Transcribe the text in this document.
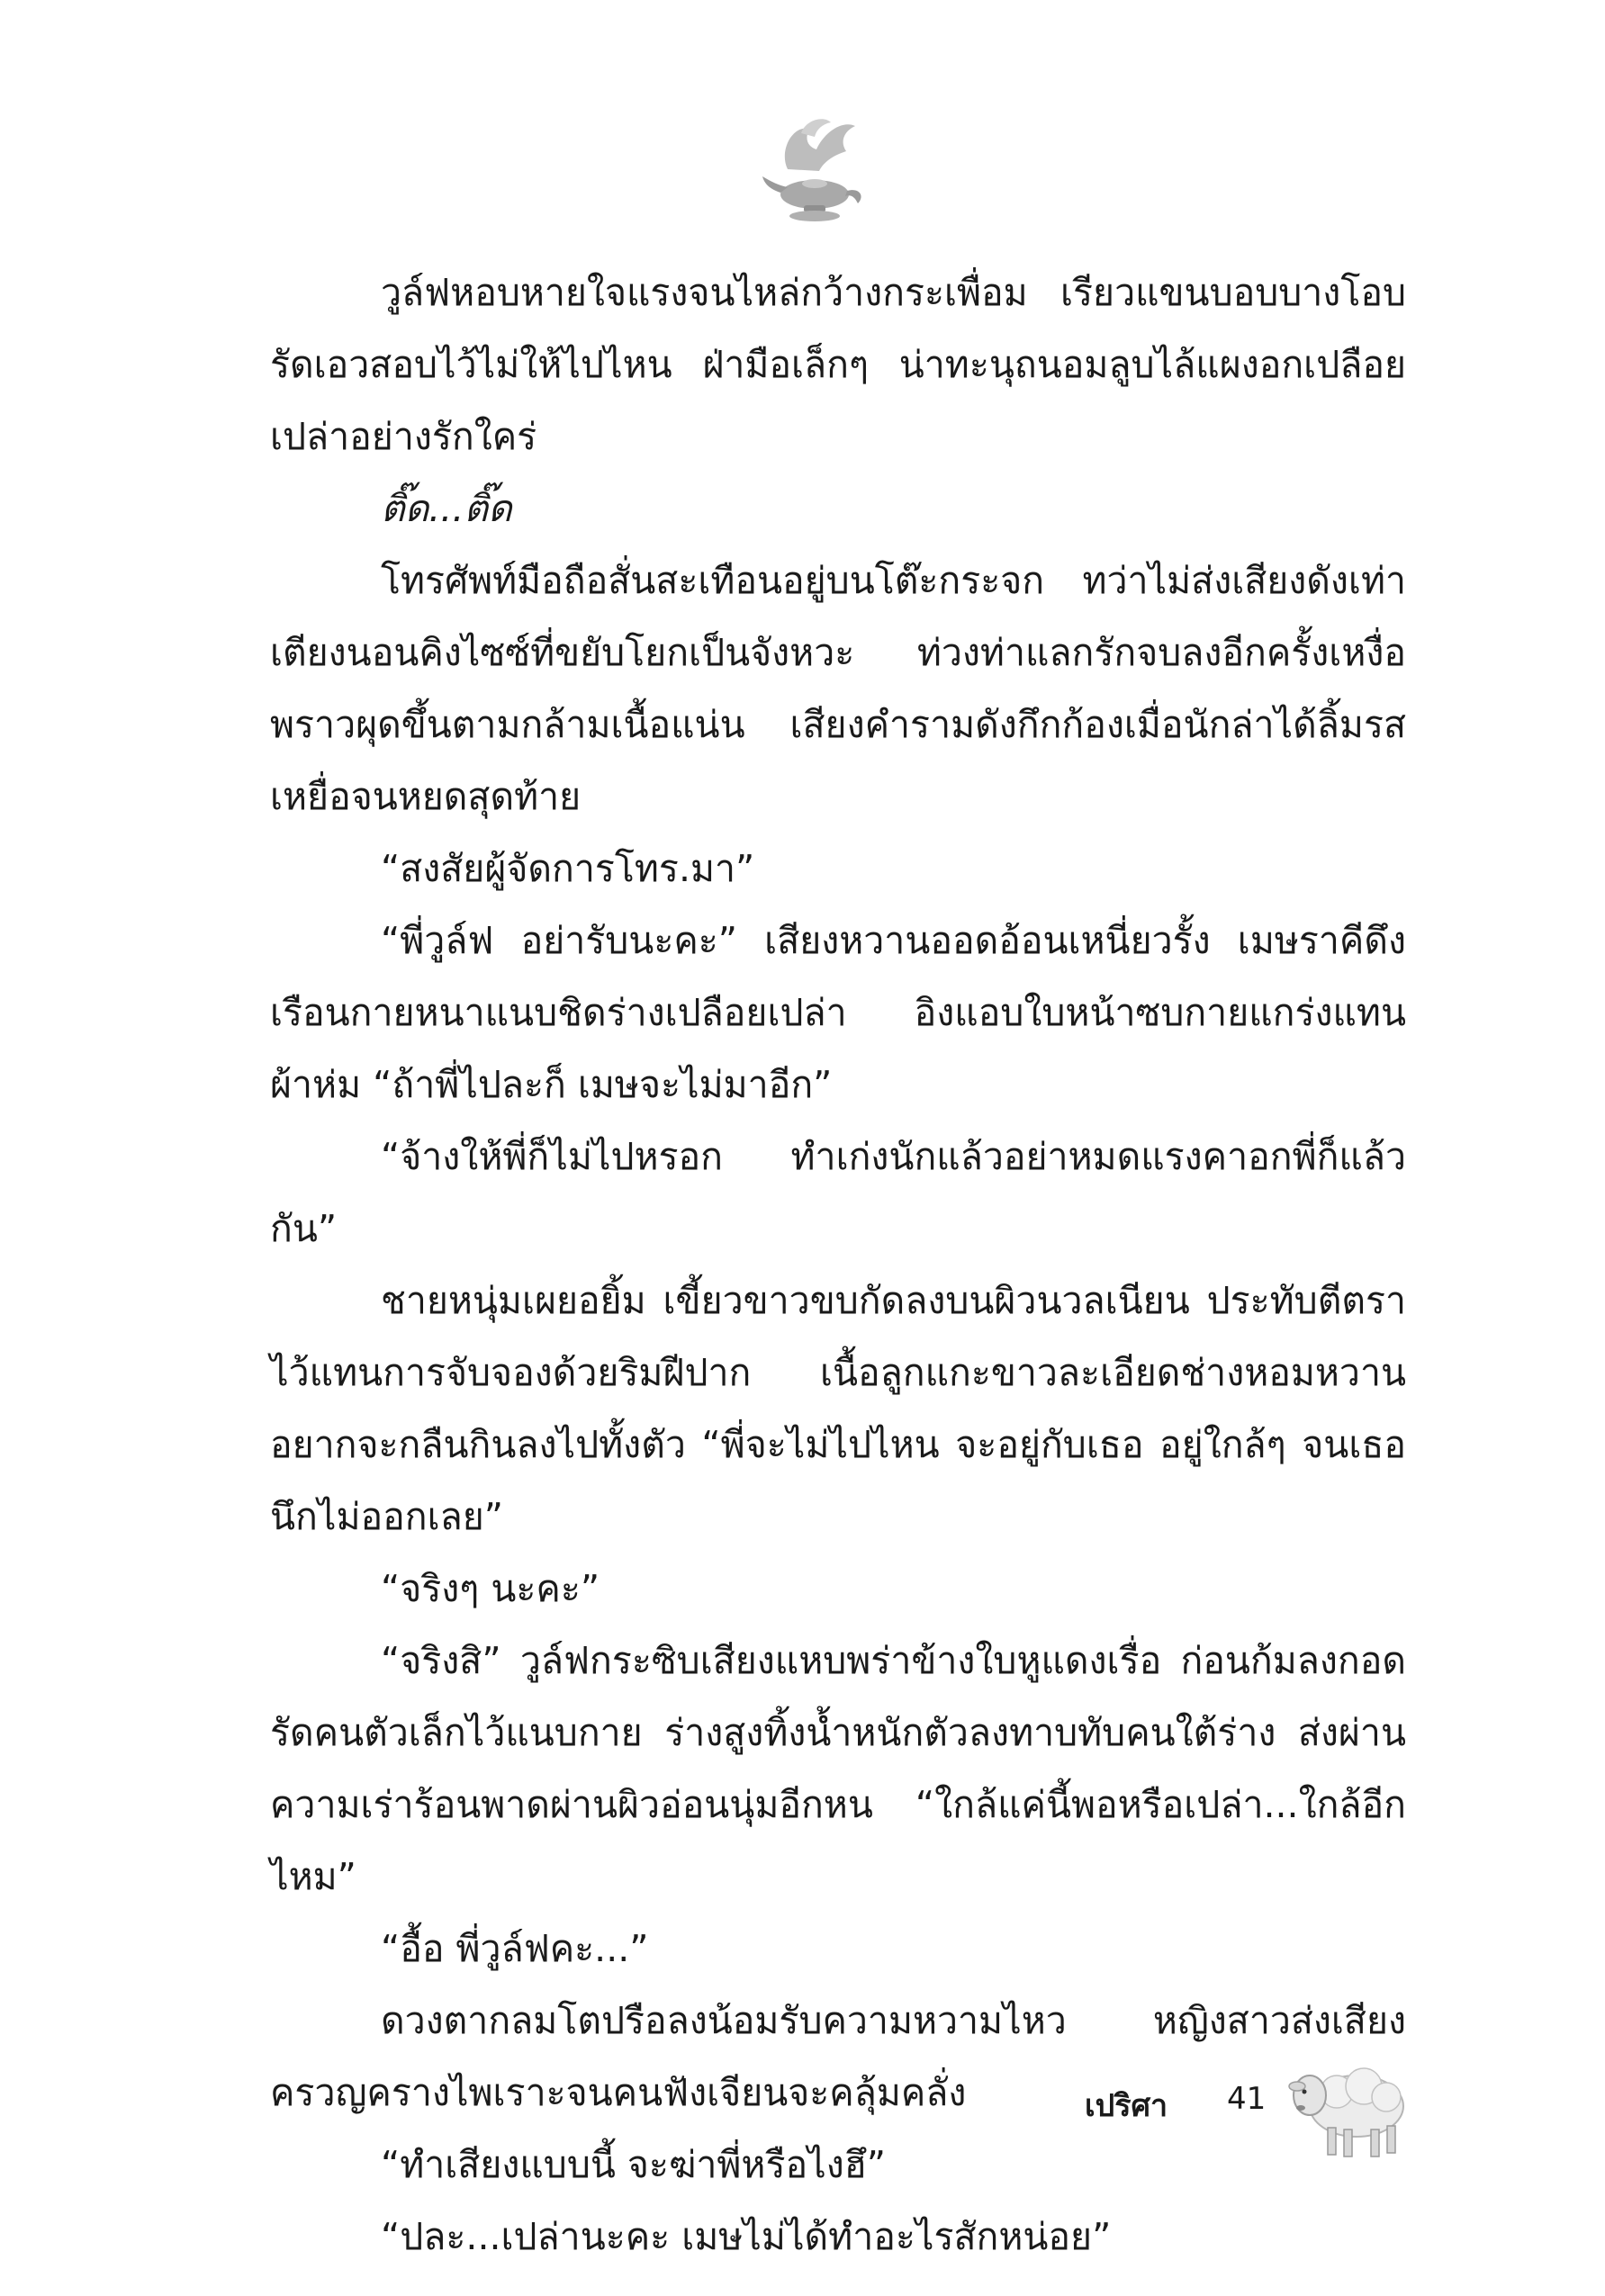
วูล์ฟหอบหายใจแรงจนไหล่กว้างกระเพื่อม เรียวแขนบอบบางโอบรัดเอวสอบไว้ไม่ให้ไปไหน ฝ่ามือเล็กๆ น่าทะนุถนอมลูบไล้แผงอกเปลือยเปล่าอย่างรักใคร่

ติ๊ด...ติ๊ด

โทรศัพท์มือถือสั่นสะเทือนอยู่บนโต๊ะกระจก ทว่าไม่ส่งเสียงดังเท่าเตียงนอนคิงไซซ์ที่ขยับโยกเป็นจังหวะ ท่วงท่าแลกรักจบลงอีกครั้งเหงื่อพราวผุดขึ้นตามกล้ามเนื้อแน่น เสียงคำรามดังกึกก้องเมื่อนักล่าได้ลิ้มรสเหยื่อจนหยดสุดท้าย

“สงสัยผู้จัดการโทร.มา”

“พี่วูล์ฟ อย่ารับนะคะ” เสียงหวานออดอ้อนเหนี่ยวรั้ง เมษราคีดึงเรือนกายหนาแนบชิดร่างเปลือยเปล่า อิงแอบใบหน้าซบกายแกร่งแทนผ้าห่ม “ถ้าพี่ไปละก็ เมษจะไม่มาอีก”

“จ้างให้พี่ก็ไม่ไปหรอก ทำเก่งนักแล้วอย่าหมดแรงคาอกพี่ก็แล้วกัน”

ชายหนุ่มเผยอยิ้ม เขี้ยวขาวขบกัดลงบนผิวนวลเนียน ประทับตีตราไว้แทนการจับจองด้วยริมฝีปาก เนื้อลูกแกะขาวละเอียดช่างหอมหวานอยากจะกลืนกินลงไปทั้งตัว “พี่จะไม่ไปไหน จะอยู่กับเธอ อยู่ใกล้ๆ จนเธอนึกไม่ออกเลย”

“จริงๆ นะคะ”

“จริงสิ” วูล์ฟกระซิบเสียงแหบพร่าข้างใบหูแดงเรื่อ ก่อนก้มลงกอดรัดคนตัวเล็กไว้แนบกาย ร่างสูงทิ้งน้ำหนักตัวลงทาบทับคนใต้ร่าง ส่งผ่านความเร่าร้อนพาดผ่านผิวอ่อนนุ่มอีกหน “ใกล้แค่นี้พอหรือเปล่า...ใกล้อีกไหม”

“อื้อ พี่วูล์ฟคะ...”

ดวงตากลมโตปรือลงน้อมรับความหวามไหว หญิงสาวส่งเสียงครวญครางไพเราะจนคนฟังเจียนจะคลุ้มคลั่ง

“ทำเสียงแบบนี้ จะฆ่าพี่หรือไงฮึ”

“ปละ...เปล่านะคะ เมษไม่ได้ทำอะไรสักหน่อย”

เปริศา 41
